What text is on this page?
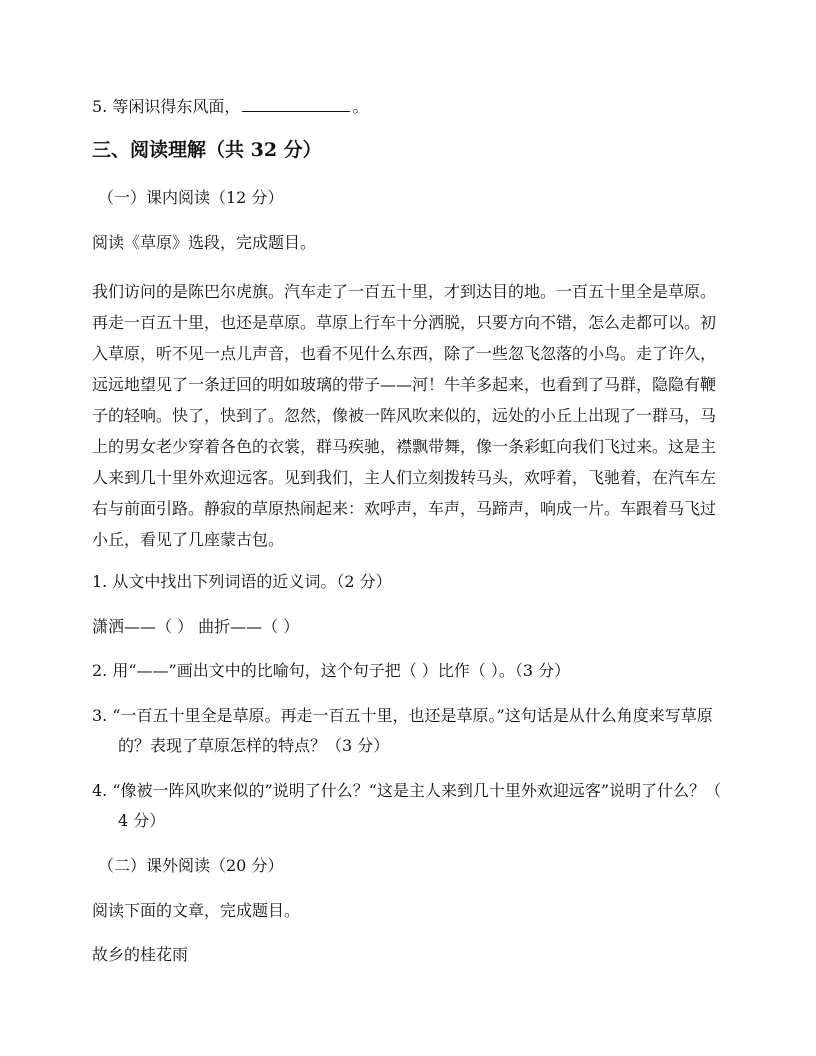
5. 等闲识得东风面，	。
三、阅读理解（共 32 分）
（一）课内阅读（12 分）
阅读《草原》选段，完成题目。
我们访问的是陈巴尔虎旗。汽车走了一百五十里，才到达目的地。一百五十里全是草原。
再走一百五十里，也还是草原。草原上行车十分洒脱，只要方向不错，怎么走都可以。初
入草原，听不见一点儿声音，也看不见什么东西，除了一些忽飞忽落的小鸟。走了许久，
远远地望见了一条迂回的明如玻璃的带子——河！牛羊多起来，也看到了马群，隐隐有鞭
子的轻响。快了，快到了。忽然，像被一阵风吹来似的，远处的小丘上出现了一群马，马
上的男女老少穿着各色的衣裳，群马疾驰，襟飘带舞，像一条彩虹向我们飞过来。这是主
人来到几十里外欢迎远客。见到我们，主人们立刻拨转马头，欢呼着，飞驰着，在汽车左
右与前面引路。静寂的草原热闹起来：欢呼声，车声，马蹄声，响成一片。车跟着马飞过
小丘，看见了几座蒙古包。
1. 从文中找出下列词语的近义词。（2 分）
潇洒——（ ） 曲折——（ ）
2. 用“——”画出文中的比喻句，这个句子把（ ）比作（ ）。（3 分）
3. “一百五十里全是草原。再走一百五十里，也还是草原。”这句话是从什么角度来写草原
的？表现了草原怎样的特点？（3 分）
4. “像被一阵风吹来似的”说明了什么？“这是主人来到几十里外欢迎远客”说明了什么？（
4 分）
（二）课外阅读（20 分）
阅读下面的文章，完成题目。
故乡的桂花雨
